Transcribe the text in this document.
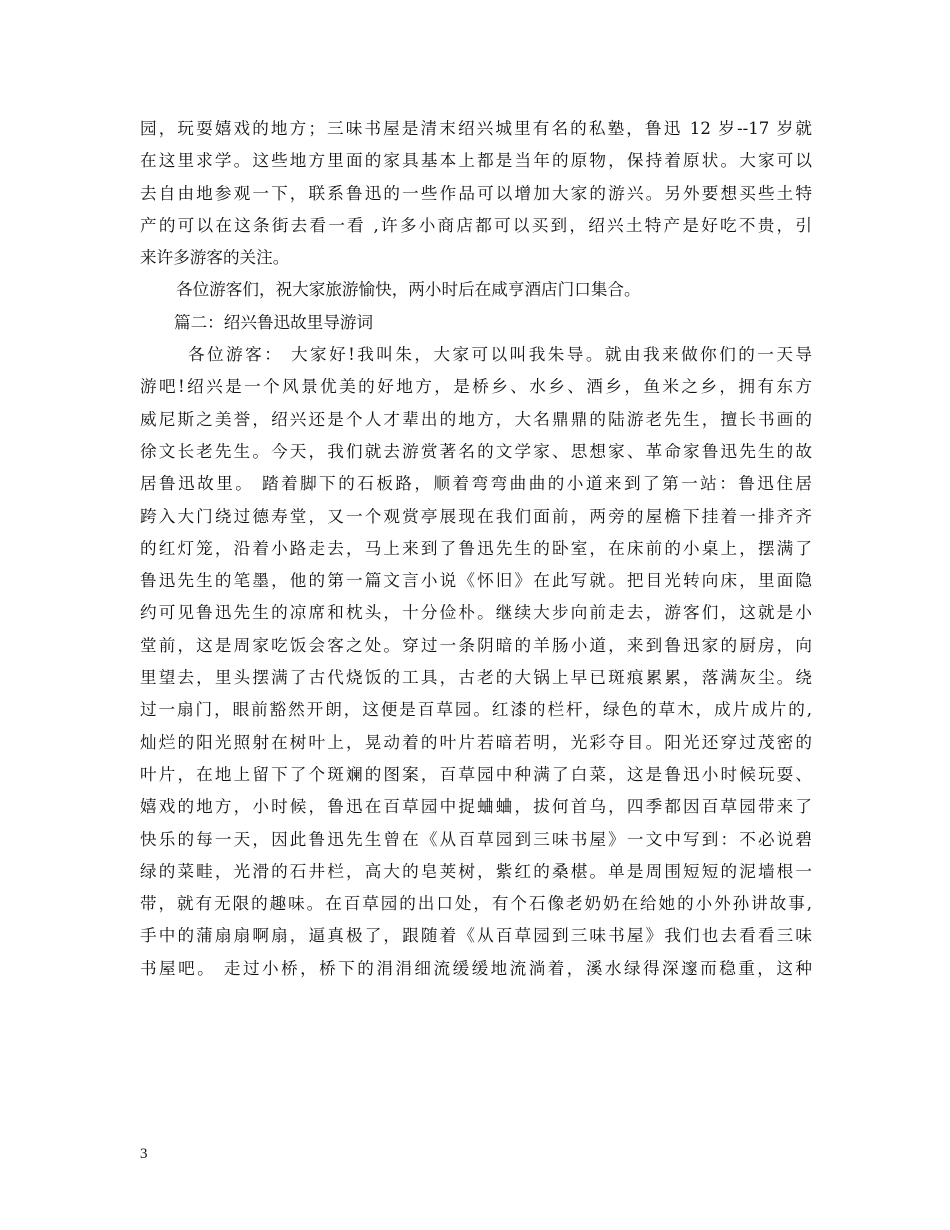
园，玩耍嬉戏的地方；三味书屋是清末绍兴城里有名的私塾，鲁迅 12 岁--17 岁就
在这里求学。这些地方里面的家具基本上都是当年的原物，保持着原状。大家可以
去自由地参观一下，联系鲁迅的一些作品可以增加大家的游兴。另外要想买些土特
产的可以在这条街去看一看 ,许多小商店都可以买到，绍兴土特产是好吃不贵，引
来许多游客的关注。
各位游客们，祝大家旅游愉快，两小时后在咸亨酒店门口集合。
篇二：绍兴鲁迅故里导游词
各位游客： 大家好!我叫朱，大家可以叫我朱导。就由我来做你们的一天导
游吧!绍兴是一个风景优美的好地方，是桥乡、水乡、酒乡，鱼米之乡，拥有东方
威尼斯之美誉，绍兴还是个人才辈出的地方，大名鼎鼎的陆游老先生，擅长书画的
徐文长老先生。今天，我们就去游赏著名的文学家、思想家、革命家鲁迅先生的故
居鲁迅故里。 踏着脚下的石板路，顺着弯弯曲曲的小道来到了第一站：鲁迅住居
跨入大门绕过德寿堂，又一个观赏亭展现在我们面前，两旁的屋檐下挂着一排齐齐
的红灯笼，沿着小路走去，马上来到了鲁迅先生的卧室，在床前的小桌上，摆满了
鲁迅先生的笔墨，他的第一篇文言小说《怀旧》在此写就。把目光转向床，里面隐
约可见鲁迅先生的凉席和枕头，十分俭朴。继续大步向前走去，游客们，这就是小
堂前，这是周家吃饭会客之处。穿过一条阴暗的羊肠小道，来到鲁迅家的厨房，向
里望去，里头摆满了古代烧饭的工具，古老的大锅上早已斑痕累累，落满灰尘。绕
过一扇门，眼前豁然开朗，这便是百草园。红漆的栏杆，绿色的草木，成片成片的,
灿烂的阳光照射在树叶上，晃动着的叶片若暗若明，光彩夺目。阳光还穿过茂密的
叶片，在地上留下了个斑斓的图案，百草园中种满了白菜，这是鲁迅小时候玩耍、
嬉戏的地方，小时候，鲁迅在百草园中捉蛐蛐，拔何首乌，四季都因百草园带来了
快乐的每一天，因此鲁迅先生曾在《从百草园到三味书屋》一文中写到：不必说碧
绿的菜畦，光滑的石井栏，高大的皂荚树，紫红的桑椹。单是周围短短的泥墙根一
带，就有无限的趣味。在百草园的出口处，有个石像老奶奶在给她的小外孙讲故事,
手中的蒲扇扇啊扇，逼真极了，跟随着《从百草园到三味书屋》我们也去看看三味
书屋吧。 走过小桥，桥下的涓涓细流缓缓地流淌着，溪水绿得深邃而稳重，这种
3
